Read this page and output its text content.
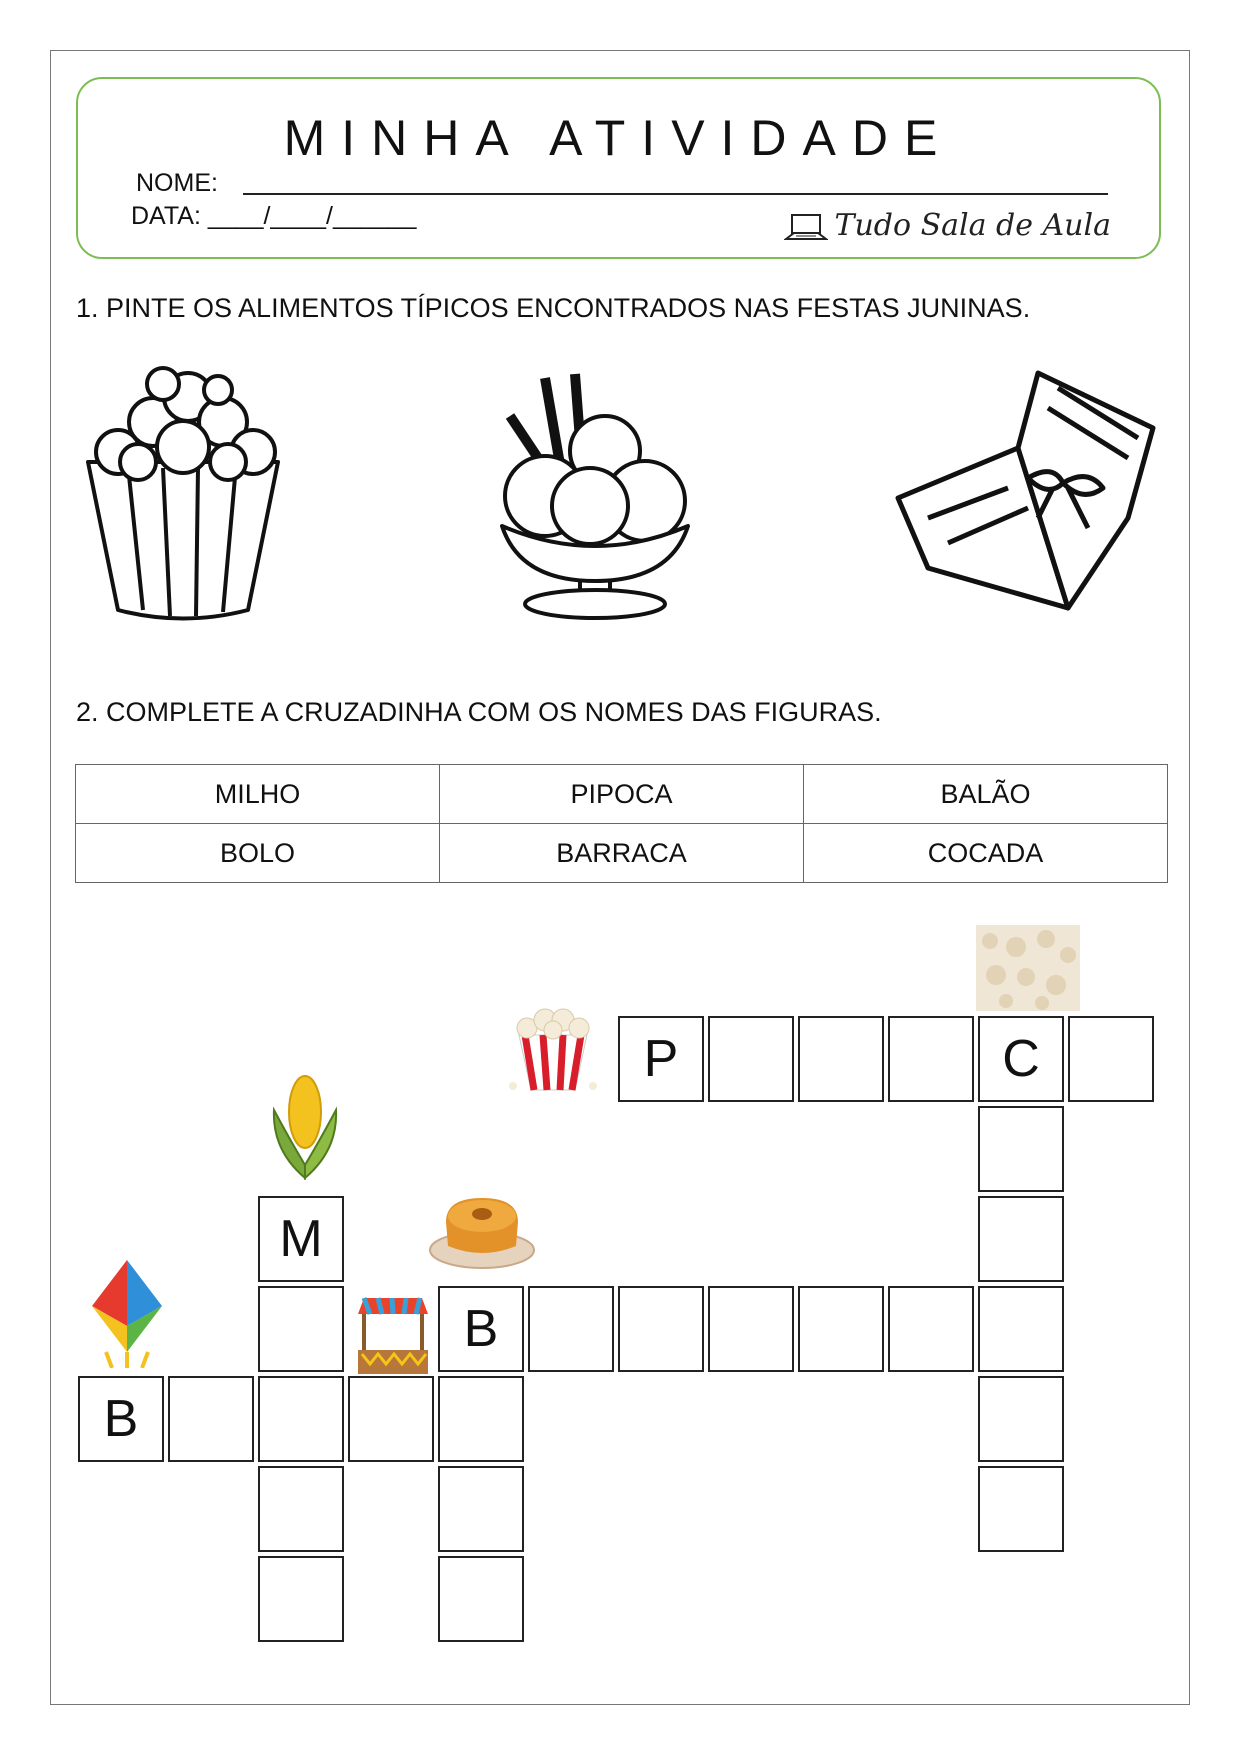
MINHA ATIVIDADE
NOME:
DATA: ____/____/______	Tudo Sala de Aula
1. PINTE OS ALIMENTOS TÍPICOS ENCONTRADOS NAS FESTAS JUNINAS.
2. COMPLETE A CRUZADINHA COM OS NOMES DAS FIGURAS.
MILHO	PIPOCA	BALÃO
BOLO	BARRACA	COCADA
P	C
B
M
B
